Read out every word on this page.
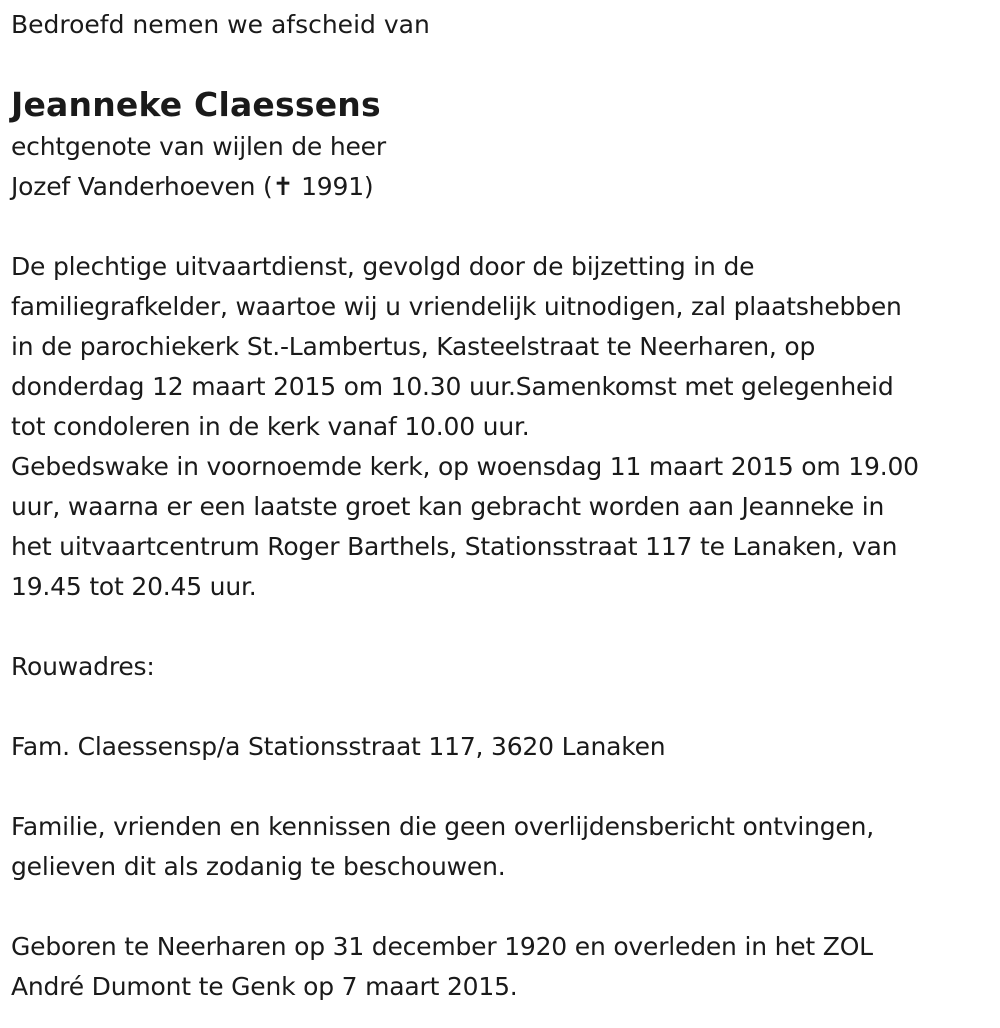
Bedroefd nemen we afscheid van
Jeanneke Claessens
echtgenote van wijlen de heer
Jozef Vanderhoeven (✝ 1991)
De plechtige uitvaartdienst, gevolgd door de bijzetting in de
familiegrafkelder, waartoe wij u vriendelijk uitnodigen, zal plaatshebben
in de parochiekerk St.-Lambertus, Kasteelstraat te Neerharen, op
donderdag 12 maart 2015 om 10.30 uur.Samenkomst met gelegenheid
tot condoleren in de kerk vanaf 10.00 uur.
Gebedswake in voornoemde kerk, op woensdag 11 maart 2015 om 19.00
uur, waarna er een laatste groet kan gebracht worden aan Jeanneke in
het uitvaartcentrum Roger Barthels, Stationsstraat 117 te Lanaken, van
19.45 tot 20.45 uur.
Rouwadres:
Fam. Claessensp/a Stationsstraat 117, 3620 Lanaken
Familie, vrienden en kennissen die geen overlijdensbericht ontvingen,
gelieven dit als zodanig te beschouwen.
Geboren te Neerharen op 31 december 1920 en overleden in het ZOL
André Dumont te Genk op 7 maart 2015.
